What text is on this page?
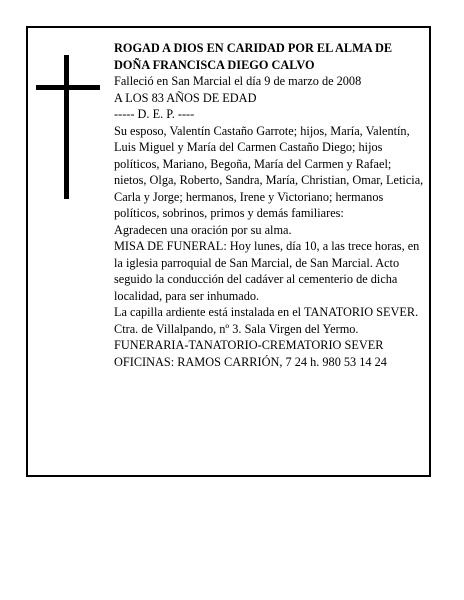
ROGAD A DIOS EN CARIDAD POR EL ALMA DE

DOÑA FRANCISCA DIEGO CALVO

Falleció en San Marcial el día 9 de marzo de 2008

A LOS 83 AÑOS DE EDAD

----- D. E. P. ----

Su esposo, Valentín Castaño Garrote; hijos, María, Valentín, Luis Miguel y María del Carmen Castaño Diego; hijos políticos, Mariano, Begoña, María del Carmen y Rafael; nietos, Olga, Roberto, Sandra, María, Christian, Omar, Leticia, Carla y Jorge; hermanos, Irene y Victoriano; hermanos políticos, sobrinos, primos y demás familiares:

Agradecen una oración por su alma.

MISA DE FUNERAL: Hoy lunes, día 10, a las trece horas, en la iglesia parroquial de San Marcial, de San Marcial. Acto seguido la conducción del cadáver al cementerio de dicha localidad, para ser inhumado.

La capilla ardiente está instalada en el TANATORIO SEVER. Ctra. de Villalpando, nº 3. Sala Virgen del Yermo.

FUNERARIA-TANATORIO-CREMATORIO SEVER

OFICINAS: RAMOS CARRIÓN, 7 24 h. 980 53 14 24
